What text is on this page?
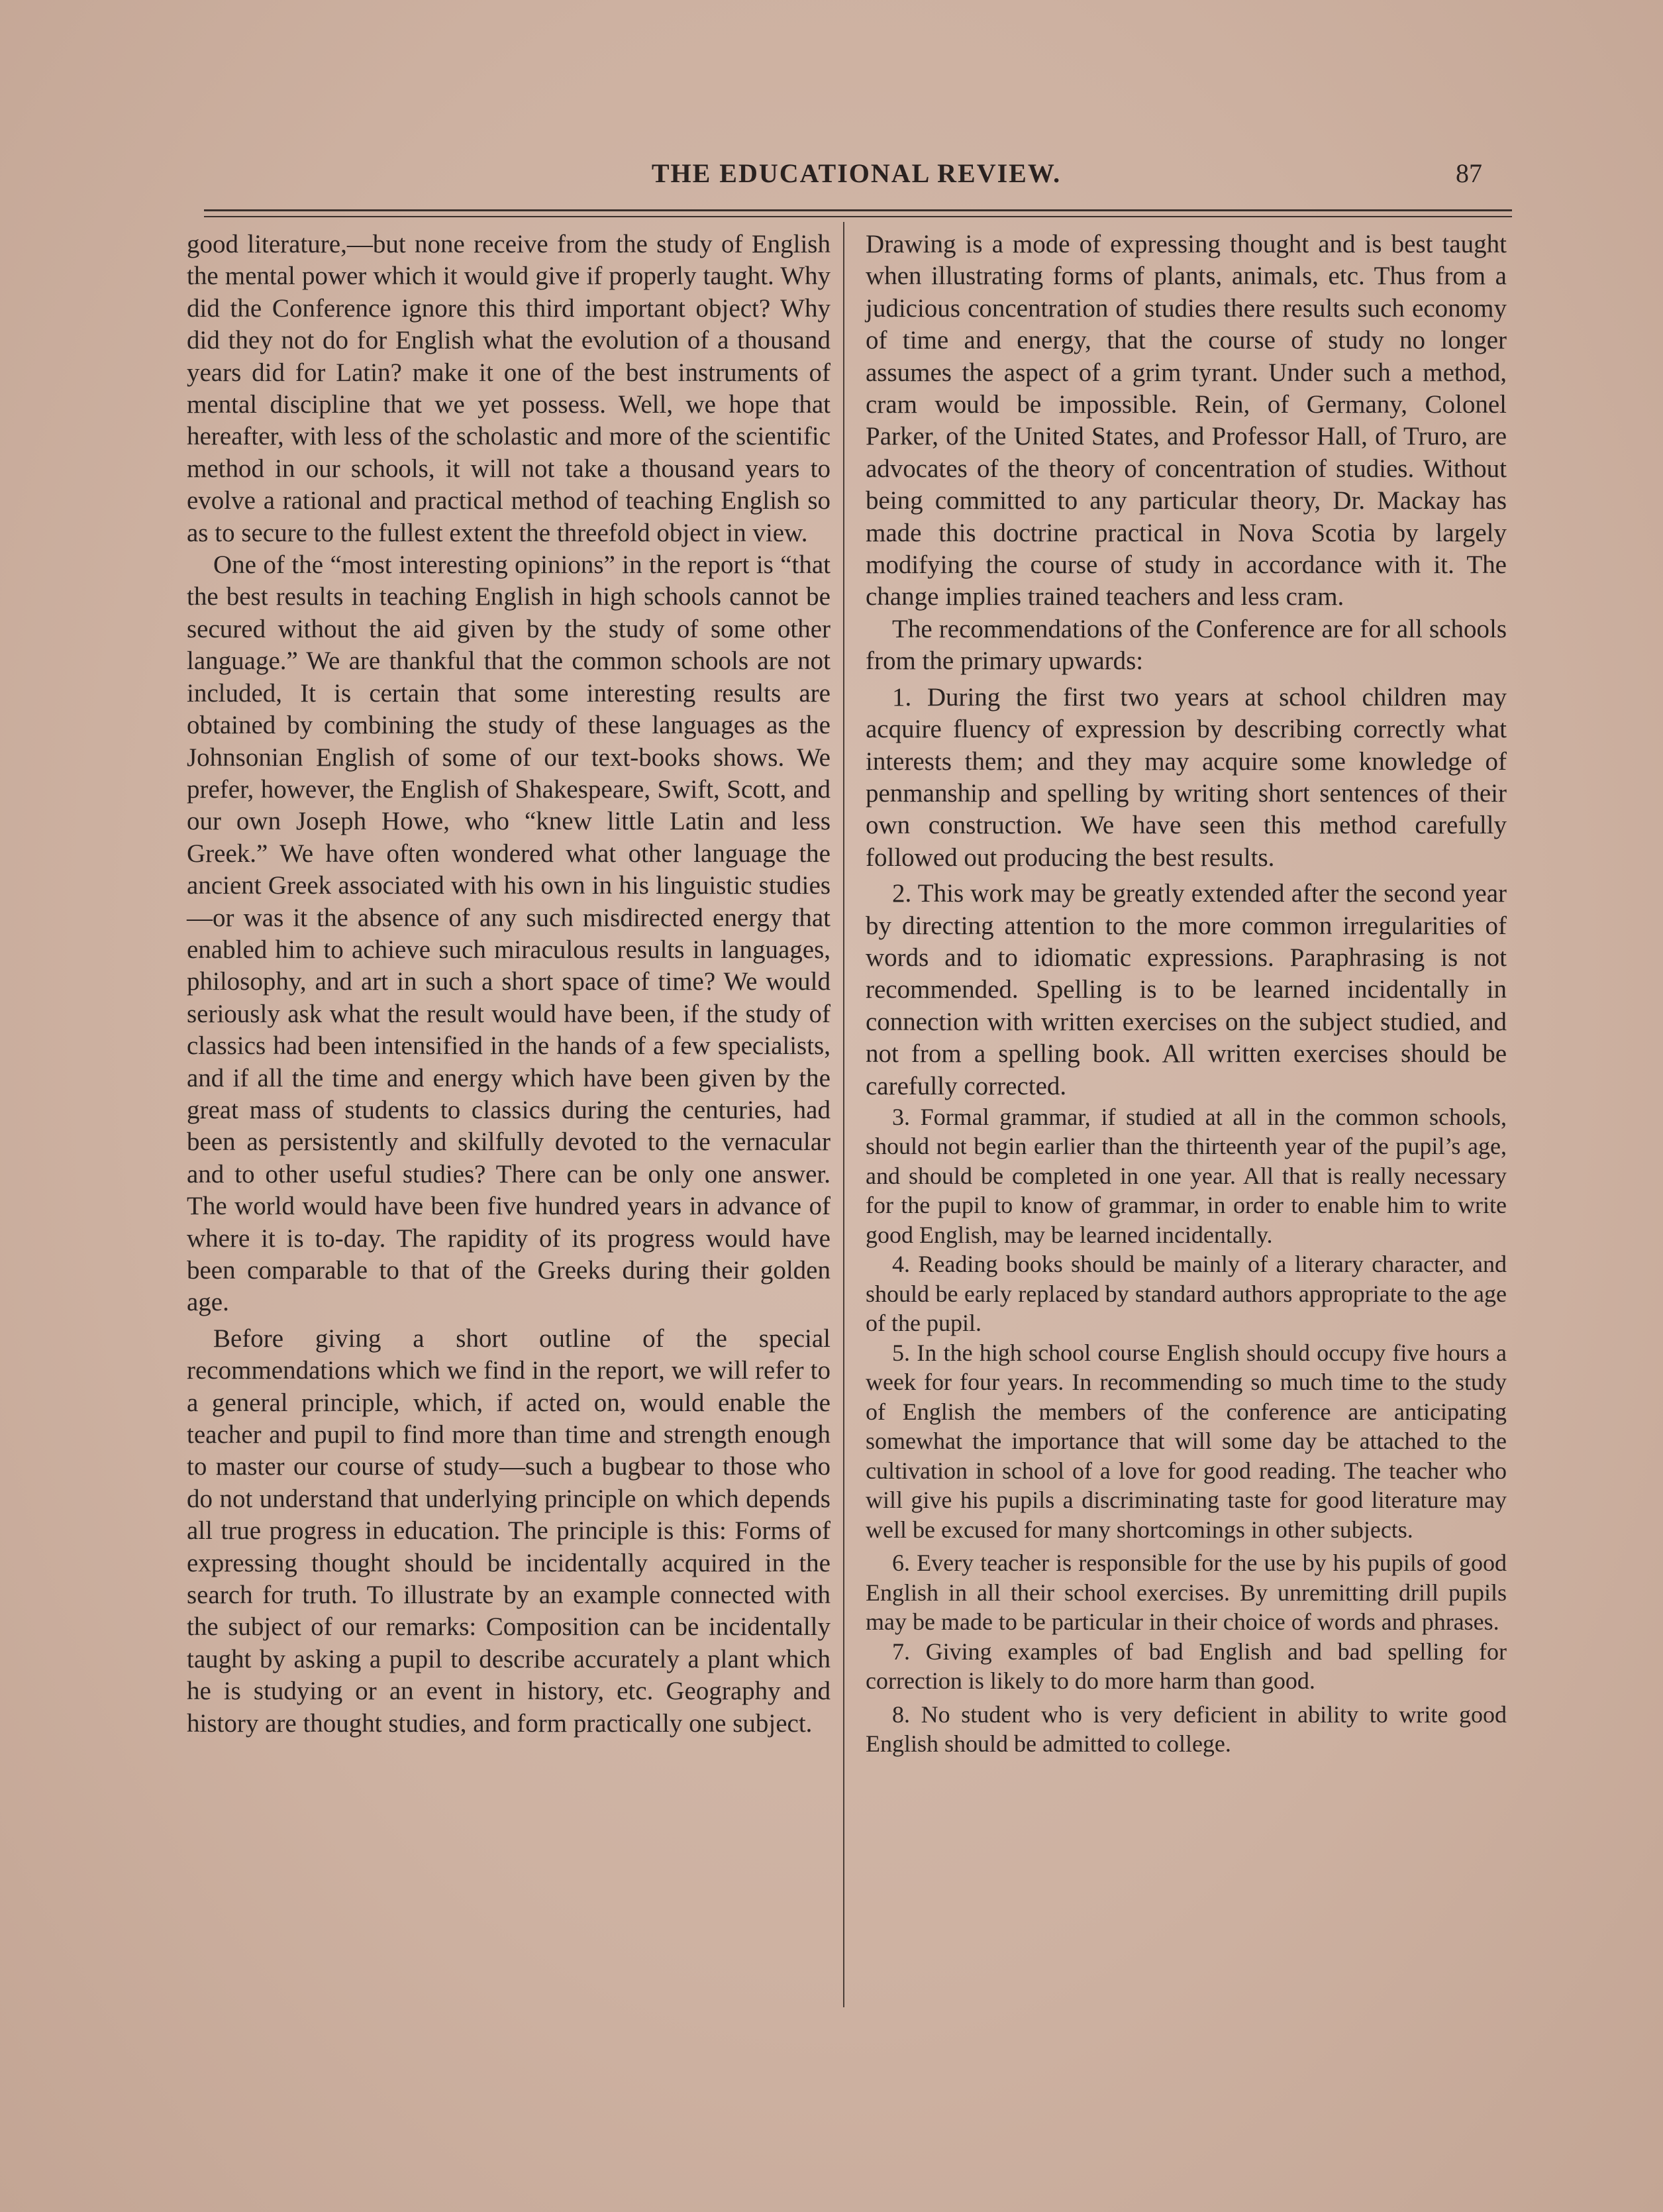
THE EDUCATIONAL REVIEW.	87

good literature,—but none receive from the study of English the mental power which it would give if properly taught. Why did the Conference ignore this third important object? Why did they not do for English what the evolution of a thousand years did for Latin? make it one of the best instruments of mental discipline that we yet possess. Well, we hope that hereafter, with less of the scholastic and more of the scientific method in our schools, it will not take a thousand years to evolve a rational and practical method of teaching English so as to secure to the fullest extent the threefold object in view.

One of the “most interesting opinions” in the report is “that the best results in teaching English in high schools cannot be secured without the aid given by the study of some other language.” We are thankful that the common schools are not included, It is certain that some interesting results are obtained by combining the study of these languages as the Johnsonian English of some of our text-books shows. We prefer, however, the English of Shakespeare, Swift, Scott, and our own Joseph Howe, who “knew little Latin and less Greek.” We have often wondered what other language the ancient Greek associated with his own in his linguistic studies—or was it the absence of any such misdirected energy that enabled him to achieve such miraculous results in languages, philosophy, and art in such a short space of time? We would seriously ask what the result would have been, if the study of classics had been intensified in the hands of a few specialists, and if all the time and energy which have been given by the great mass of students to classics during the centuries, had been as persistently and skilfully devoted to the vernacular and to other useful studies? There can be only one answer. The world would have been five hundred years in advance of where it is to-day. The rapidity of its progress would have been comparable to that of the Greeks during their golden age.

Before giving a short outline of the special recommendations which we find in the report, we will refer to a general principle, which, if acted on, would enable the teacher and pupil to find more than time and strength enough to master our course of study—such a bugbear to those who do not understand that underlying principle on which depends all true progress in education. The principle is this: Forms of expressing thought should be incidentally acquired in the search for truth. To illustrate by an example connected with the subject of our remarks: Composition can be incidentally taught by asking a pupil to describe accurately a plant which he is studying or an event in history, etc. Geography and history are thought studies, and form practically one subject.

Drawing is a mode of expressing thought and is best taught when illustrating forms of plants, animals, etc. Thus from a judicious concentration of studies there results such economy of time and energy, that the course of study no longer assumes the aspect of a grim tyrant. Under such a method, cram would be impossible. Rein, of Germany, Colonel Parker, of the United States, and Professor Hall, of Truro, are advocates of the theory of concentration of studies. Without being committed to any particular theory, Dr. Mackay has made this doctrine practical in Nova Scotia by largely modifying the course of study in accordance with it. The change implies trained teachers and less cram.

The recommendations of the Conference are for all schools from the primary upwards:

1. During the first two years at school children may acquire fluency of expression by describing correctly what interests them; and they may acquire some knowledge of penmanship and spelling by writing short sentences of their own construction. We have seen this method carefully followed out producing the best results.

2. This work may be greatly extended after the second year by directing attention to the more common irregularities of words and to idiomatic expressions. Paraphrasing is not recommended. Spelling is to be learned incidentally in connection with written exercises on the subject studied, and not from a spelling book. All written exercises should be carefully corrected.

3. Formal grammar, if studied at all in the common schools, should not begin earlier than the thirteenth year of the pupil’s age, and should be completed in one year. All that is really necessary for the pupil to know of grammar, in order to enable him to write good English, may be learned incidentally.

4. Reading books should be mainly of a literary character, and should be early replaced by standard authors appropriate to the age of the pupil.

5. In the high school course English should occupy five hours a week for four years. In recommending so much time to the study of English the members of the conference are anticipating somewhat the importance that will some day be attached to the cultivation in school of a love for good reading. The teacher who will give his pupils a discriminating taste for good literature may well be excused for many shortcomings in other subjects.

6. Every teacher is responsible for the use by his pupils of good English in all their school exercises. By unremitting drill pupils may be made to be particular in their choice of words and phrases.

7. Giving examples of bad English and bad spelling for correction is likely to do more harm than good.

8. No student who is very deficient in ability to write good English should be admitted to college.
